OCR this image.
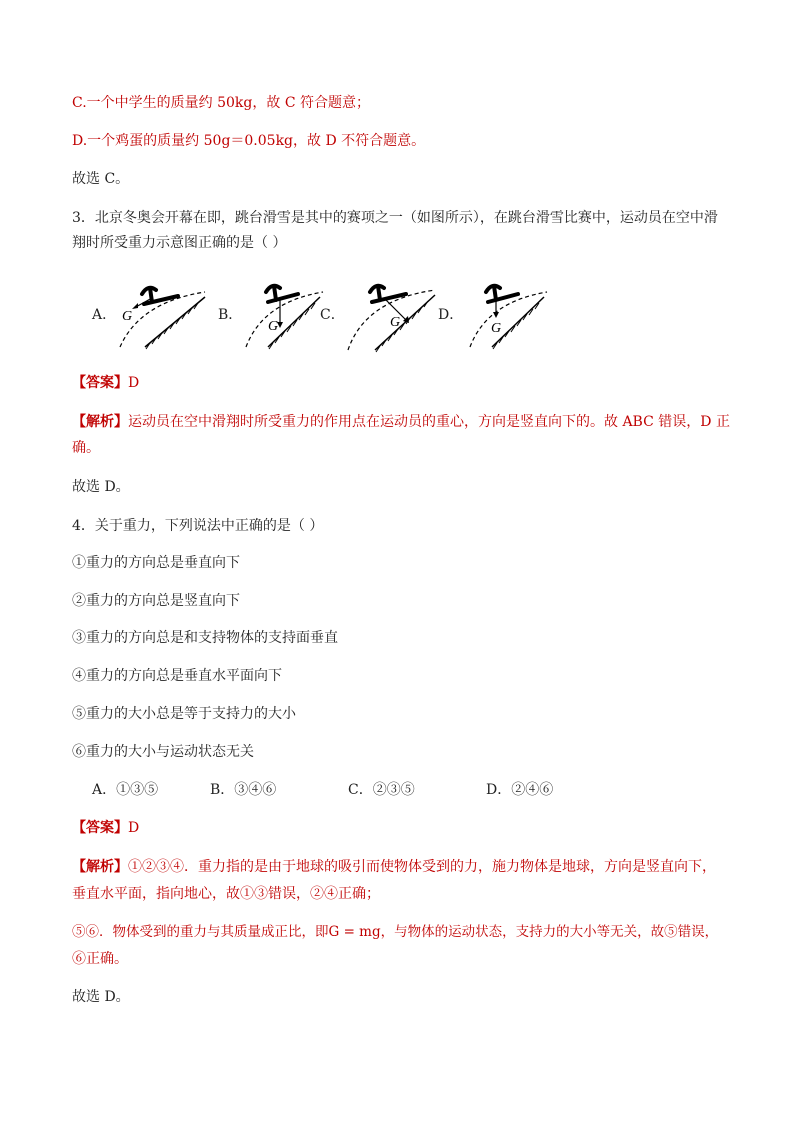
C.一个中学生的质量约 50kg，故 C 符合题意；
D.一个鸡蛋的质量约 50g＝0.05kg，故 D 不符合题意。
故选 C。
3．北京冬奥会开幕在即，跳台滑雪是其中的赛项之一（如图所示），在跳台滑雪比赛中，运动员在空中滑
翔时所受重力示意图正确的是（ ）
A． G	B．
G
C．	G	D．
G
【答案】D
【解析】运动员在空中滑翔时所受重力的作用点在运动员的重心，方向是竖直向下的。故 ABC 错误，D 正
确。
故选 D。
4．关于重力，下列说法中正确的是（ ）
①重力的方向总是垂直向下
②重力的方向总是竖直向下
③重力的方向总是和支持物体的支持面垂直
④重力的方向总是垂直水平面向下
⑤重力的大小总是等于支持力的大小
⑥重力的大小与运动状态无关
A．①③⑤	B．③④⑥	C．②③⑤	D．②④⑥
【答案】D
【解析】①②③④．重力指的是由于地球的吸引而使物体受到的力，施力物体是地球，方向是竖直向下，
垂直水平面，指向地心，故①③错误，②④正确；
⑤⑥．物体受到的重力与其质量成正比，即G = mg，与物体的运动状态，支持力的大小等无关，故⑤错误，
⑥正确。
故选 D。
